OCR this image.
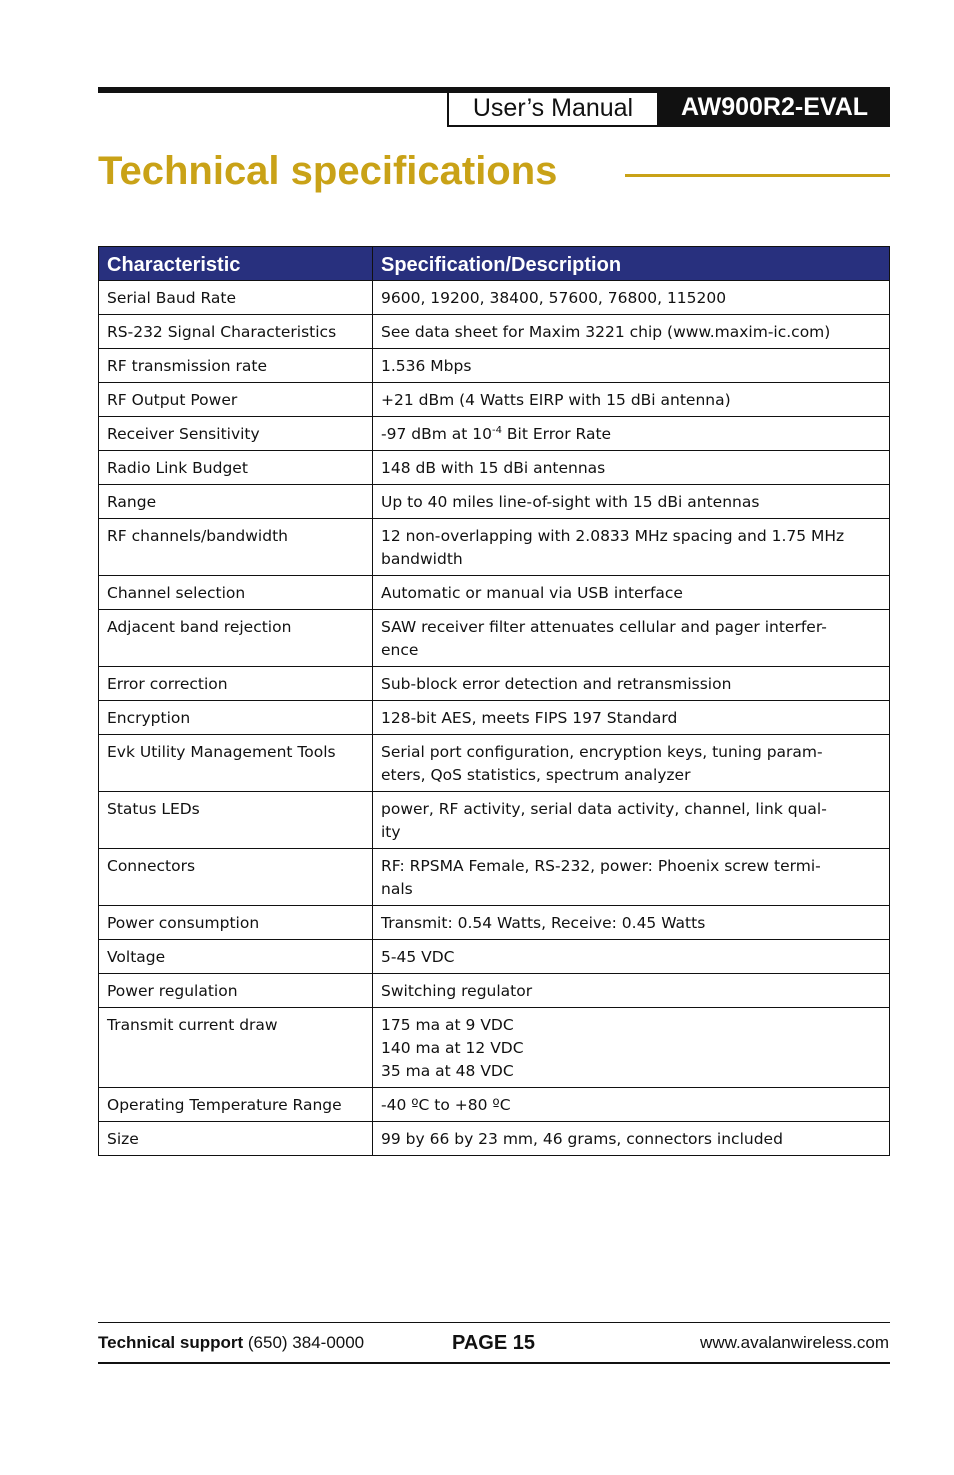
User’s Manual	AW900R2-EVAL
Technical specifications
Characteristic	Specification/Description
Serial Baud Rate	9600, 19200, 38400, 57600, 76800, 115200

RS-232 Signal Characteristics	See data sheet for Maxim 3221 chip (www.maxim-ic.com)

RF transmission rate	1.536 Mbps

RF Output Power	+21 dBm (4 Watts EIRP with 15 dBi antenna)

Receiver Sensitivity	-97 dBm at $10^{-4}$ Bit Error Rate

Radio Link Budget	148 dB with 15 dBi antennas

Range	Up to 40 miles line-of-sight with 15 dBi antennas

RF channels/bandwidth	12 non-overlapping with 2.0833 MHz spacing and 1.75 MHz
bandwidth

Channel selection	Automatic or manual via USB interface

Adjacent band rejection	SAW receiver filter attenuates cellular and pager interfer-
ence

Error correction	Sub-block error detection and retransmission

Encryption	128-bit AES, meets FIPS 197 Standard

Evk Utility Management Tools	Serial port configuration, encryption keys, tuning param-
eters, QoS statistics, spectrum analyzer

Status LEDs	power, RF activity, serial data activity, channel, link qual-
ity

Connectors	RF: RPSMA Female, RS-232, power: Phoenix screw termi-
nals

Power consumption	Transmit: 0.54 Watts, Receive: 0.45 Watts

Voltage	5-45 VDC

Power regulation	Switching regulator

Transmit current draw	175 ma at 9 VDC
140 ma at 12 VDC
35 ma at 48 VDC

Operating Temperature Range	-40 ºC to +80 ºC

Size	99 by 66 by 23 mm, 46 grams, connectors included
Technical support (650) 384-0000	PAGE 15	www.avalanwireless.com
